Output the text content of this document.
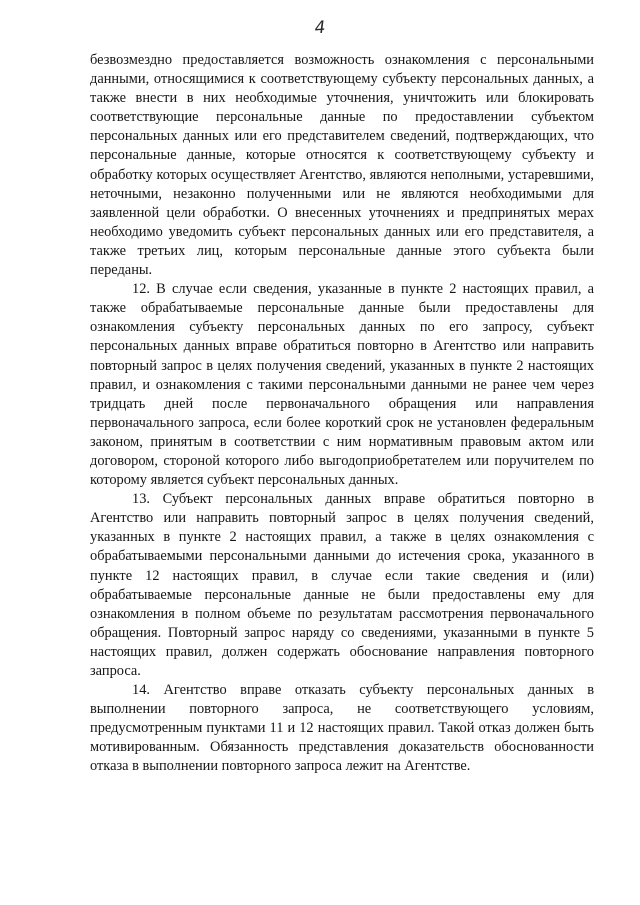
4

безвозмездно предоставляется возможность ознакомления с персональными данными, относящимися к соответствующему субъекту персональных данных, а также внести в них необходимые уточнения, уничтожить или блокировать соответствующие персональные данные по предоставлении субъектом персональных данных или его представителем сведений, подтверждающих, что персональные данные, которые относятся к соответствующему субъекту и обработку которых осуществляет Агентство, являются неполными, устаревшими, неточными, незаконно полученными или не являются необходимыми для заявленной цели обработки. О внесенных уточнениях и предпринятых мерах необходимо уведомить субъект персональных данных или его представителя, а также третьих лиц, которым персональные данные этого субъекта были переданы.

12. В случае если сведения, указанные в пункте 2 настоящих правил, а также обрабатываемые персональные данные были предоставлены для ознакомления субъекту персональных данных по его запросу, субъект персональных данных вправе обратиться повторно в Агентство или направить повторный запрос в целях получения сведений, указанных в пункте 2 настоящих правил, и ознакомления с такими персональными данными не ранее чем через тридцать дней после первоначального обращения или направления первоначального запроса, если более короткий срок не установлен федеральным законом, принятым в соответствии с ним нормативным правовым актом или договором, стороной которого либо выгодоприобретателем или поручителем по которому является субъект персональных данных.

13. Субъект персональных данных вправе обратиться повторно в Агентство или направить повторный запрос в целях получения сведений, указанных в пункте 2 настоящих правил, а также в целях ознакомления с обрабатываемыми персональными данными до истечения срока, указанного в пункте 12 настоящих правил, в случае если такие сведения и (или) обрабатываемые персональные данные не были предоставлены ему для ознакомления в полном объеме по результатам рассмотрения первоначального обращения. Повторный запрос наряду со сведениями, указанными в пункте 5 настоящих правил, должен содержать обоснование направления повторного запроса.

14. Агентство вправе отказать субъекту персональных данных в выполнении повторного запроса, не соответствующего условиям, предусмотренным пунктами 11 и 12 настоящих правил. Такой отказ должен быть мотивированным. Обязанность представления доказательств обоснованности отказа в выполнении повторного запроса лежит на Агентстве.
